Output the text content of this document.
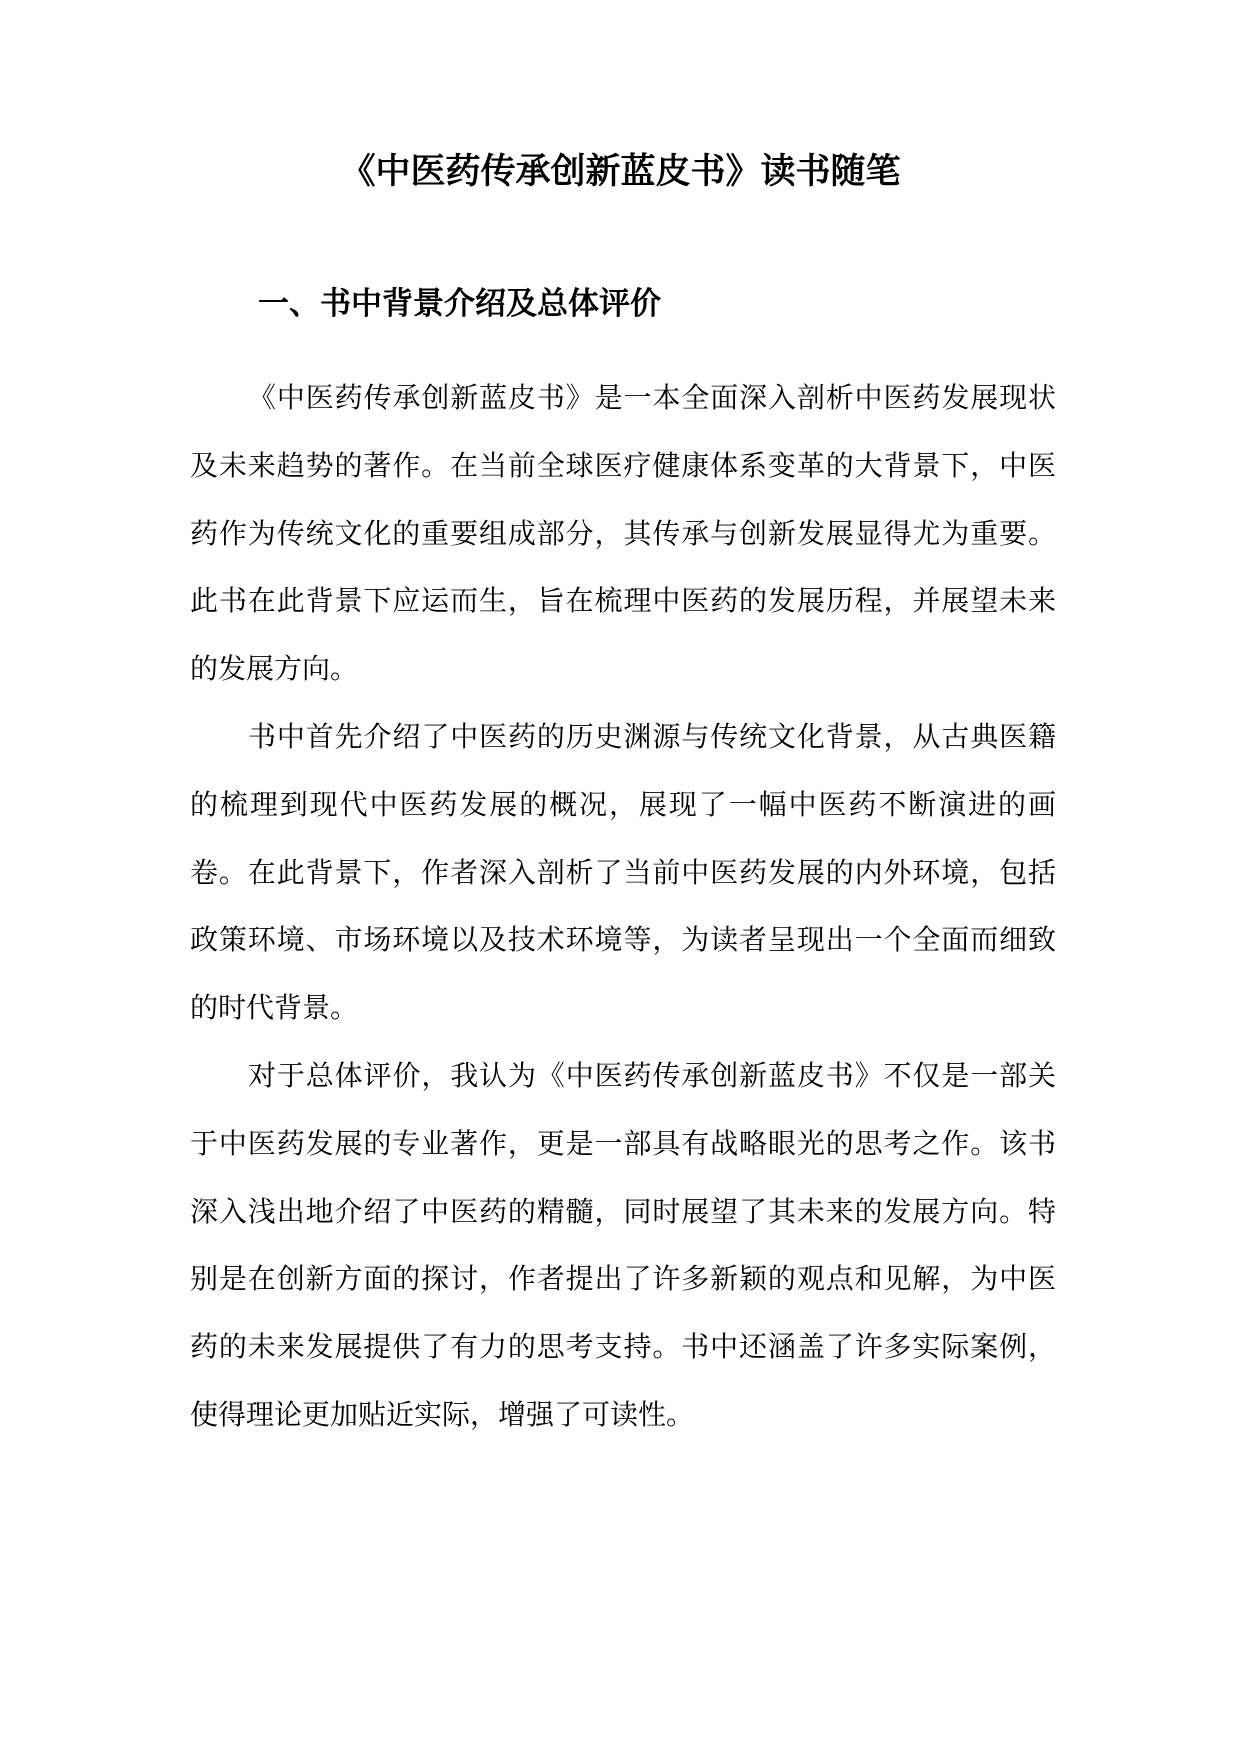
《中医药传承创新蓝皮书》读书随笔
一、书中背景介绍及总体评价

《中医药传承创新蓝皮书》是一本全面深入剖析中医药发展现状及未来趋势的著作。在当前全球医疗健康体系变革的大背景下，中医药作为传统文化的重要组成部分，其传承与创新发展显得尤为重要。此书在此背景下应运而生，旨在梳理中医药的发展历程，并展望未来的发展方向。

书中首先介绍了中医药的历史渊源与传统文化背景，从古典医籍的梳理到现代中医药发展的概况，展现了一幅中医药不断演进的画卷。在此背景下，作者深入剖析了当前中医药发展的内外环境，包括政策环境、市场环境以及技术环境等，为读者呈现出一个全面而细致的时代背景。

对于总体评价，我认为《中医药传承创新蓝皮书》不仅是一部关于中医药发展的专业著作，更是一部具有战略眼光的思考之作。该书深入浅出地介绍了中医药的精髓，同时展望了其未来的发展方向。特别是在创新方面的探讨，作者提出了许多新颖的观点和见解，为中医药的未来发展提供了有力的思考支持。书中还涵盖了许多实际案例，使得理论更加贴近实际，增强了可读性。
